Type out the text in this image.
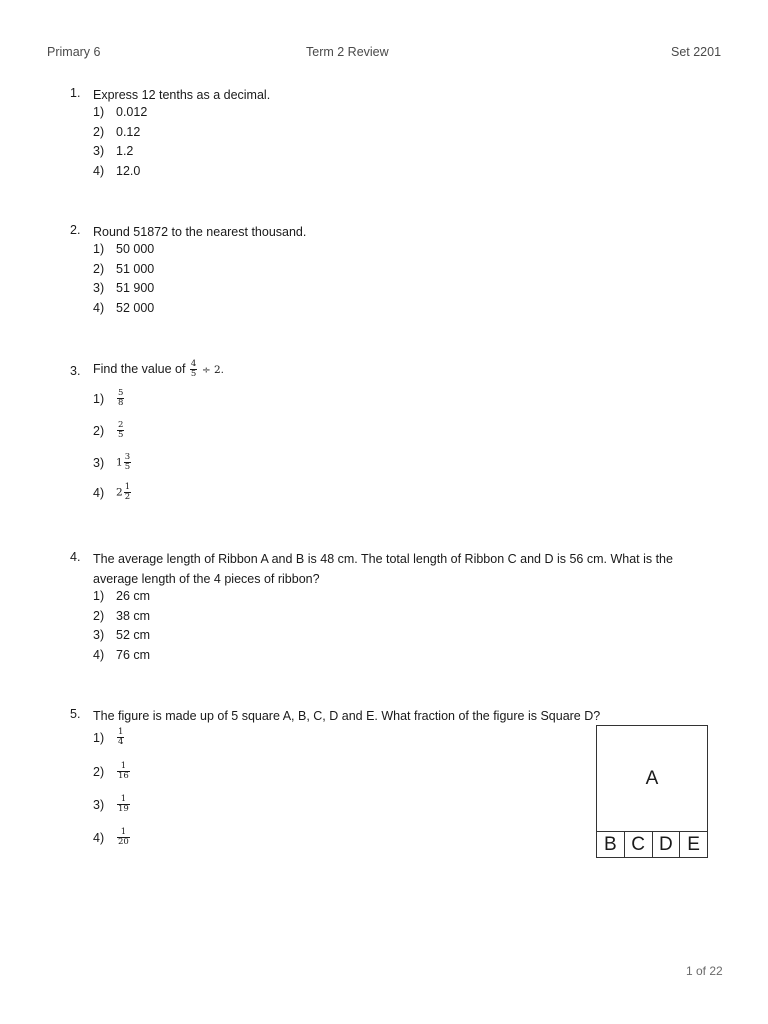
Primary 6	Term 2 Review	Set 2201
1. Express 12 tenths as a decimal.
1) 0.012
2) 0.12
3) 1.2
4) 12.0
2. Round 51872 to the nearest thousand.
1) 50 000
2) 51 000
3) 51 900
4) 52 000
3. Find the value of $\frac{4}{5} \div 2$.
$1) \frac{5}{8}$
$2) \frac{2}{5}$
3) $1 \frac{3}{5}$
4) $2 \frac{1}{2}$
4. The average length of Ribbon A and B is 48 cm. The total length of Ribbon C and D is 56 cm. What is the average length of the 4 pieces of ribbon?
1) 26 cm
2) 38 cm
3) 52 cm
4) 76 cm
5. The figure is made up of 5 square A, B, C, D and E. What fraction of the figure is Square D?
$1) \frac{1}{4}$
$2) \frac{1}{16}$
$3) \frac{1}{19}$
$4) \frac{1}{20}$
A
B C D E
1 of 22
